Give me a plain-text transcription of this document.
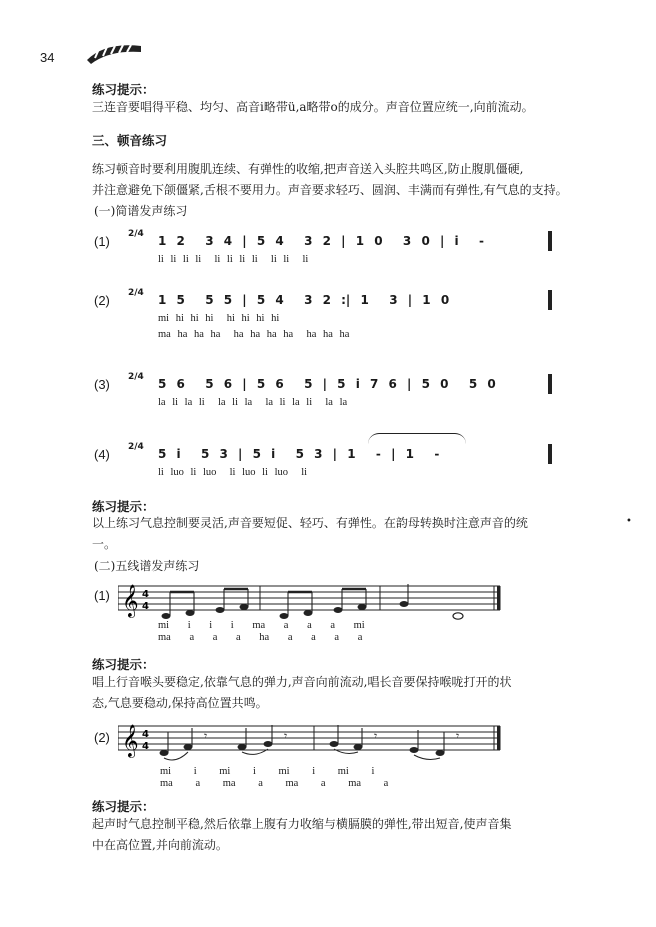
34
练习提示：
三连音要唱得平稳、均匀、高音i略带ü,a略带o的成分。声音位置应统一,向前流动。
三、顿音练习
练习顿音时要利用腹肌连续、有弹性的收缩,把声音送入头腔共鸣区,防止腹肌僵硬,
并注意避免下颌僵紧,舌根不要用力。声音要求轻巧、圆润、丰满而有弹性,有气息的支持。
(一)简谱发声练习
(1) 2/4 1 2  3 4 | 5 4  3 2 | 1 0  3 0 | i  -
li li li li  li li li li  li li  li
(2) 2/4 1 5  5 5 | 5 4  3 2 :| 1  3 | 1 0
mi hi hi hi  hi hi hi hi
ma ha ha ha  ha ha ha ha  ha ha ha
(3) 2/4 5 6  5 6 | 5 6  5 | 5 i 7 6 | 5 0  5 0
la li la li  la li la  la li la li  la la
(4) 2/4 5 i  5 3 | 5 i  5 3 | 1  - | 1  -
li luo li luo  li luo li luo  li
练习提示：
以上练习气息控制要灵活,声音要短促、轻巧、有弹性。在韵母转换时注意声音的统
一。
•
(二)五线谱发声练习
(1) 𝄞 4
4
mi i i i ma a a a mi
ma a a a ha a a a a
练习提示：
唱上行音喉头要稳定,依靠气息的弹力,声音向前流动,唱长音要保持喉咙打开的状
态,气息要稳动,保持高位置共鸣。
(2) 𝄞 4
4
𝄾	𝄾	𝄾	𝄾
mi i mi i mi i mi i
ma a ma a ma a ma a
练习提示：
起声时气息控制平稳,然后依靠上腹有力收缩与横膈膜的弹性,带出短音,使声音集
中在高位置,并向前流动。
